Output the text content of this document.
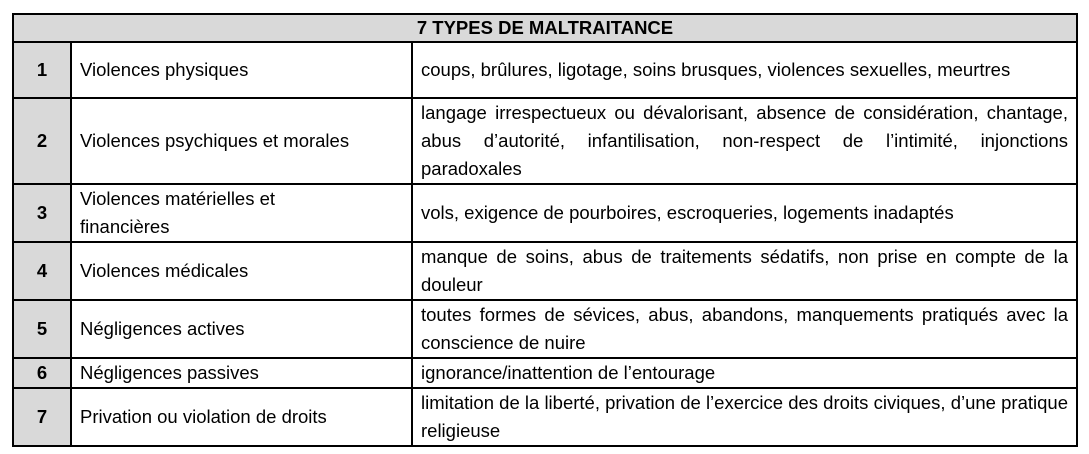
7 TYPES DE MALTRAITANCE		
1	Violences physiques	coups, brûlures, ligotage, soins brusques, violences sexuelles, meurtres
2	Violences psychiques et morales	langage irrespectueux ou dévalorisant, absence de considération, chantage, abus d’autorité, infantilisation, non-respect de l’intimité, injonctions paradoxales
3	Violences matérielles et financières	vols, exigence de pourboires, escroqueries, logements inadaptés
4	Violences médicales	manque de soins, abus de traitements sédatifs, non prise en compte de la douleur
5	Négligences actives	toutes formes de sévices, abus, abandons, manquements pratiqués avec la conscience de nuire
6	Négligences passives	ignorance/inattention de l’entourage
7	Privation ou violation de droits	limitation de la liberté, privation de l’exercice des droits civiques, d’une pratique religieuse
